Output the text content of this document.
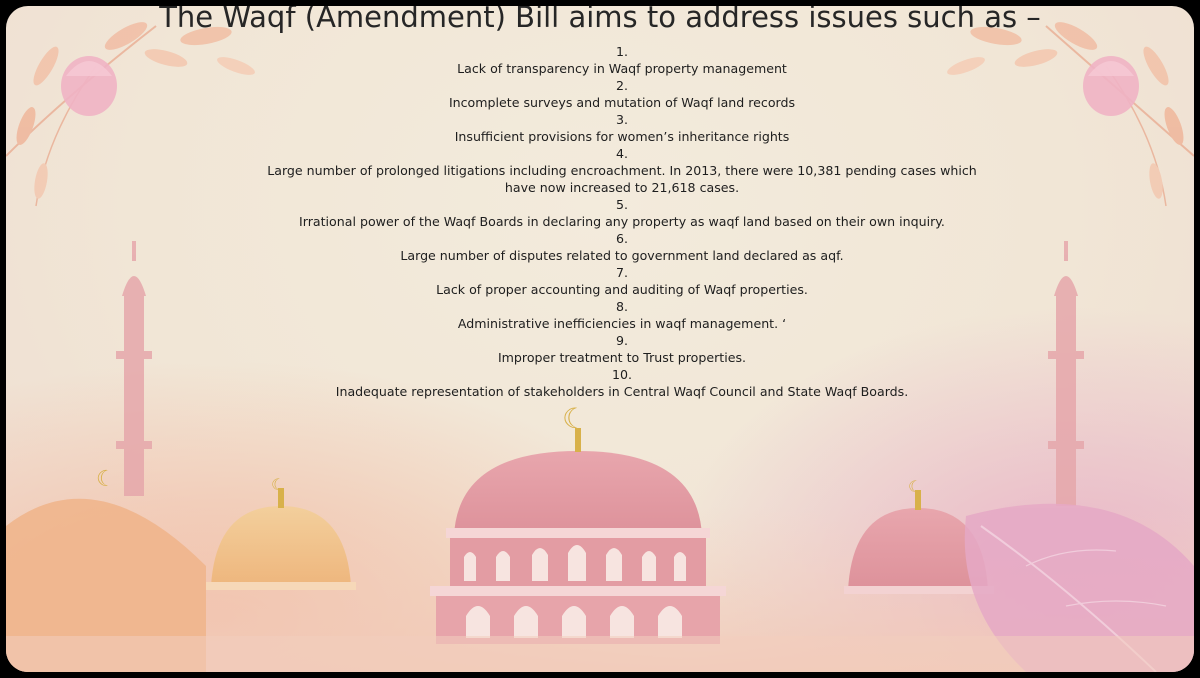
☾	☾
☾
☾
The Waqf (Amendment) Bill aims to address issues such as –
1.
Lack of transparency in Waqf property management
2.
Incomplete surveys and mutation of Waqf land records
3.
Insufficient provisions for women’s inheritance rights
4.
Large number of prolonged litigations including encroachment. In 2013, there were 10,381 pending cases which have now increased to 21,618 cases.
5.
Irrational power of the Waqf Boards in declaring any property as waqf land based on their own inquiry.
6.
Large number of disputes related to government land declared as aqf.
7.
Lack of proper accounting and auditing of Waqf properties.
8.
Administrative inefficiencies in waqf management. ‘
9.
Improper treatment to Trust properties.
10.
Inadequate representation of stakeholders in Central Waqf Council and State Waqf Boards.
